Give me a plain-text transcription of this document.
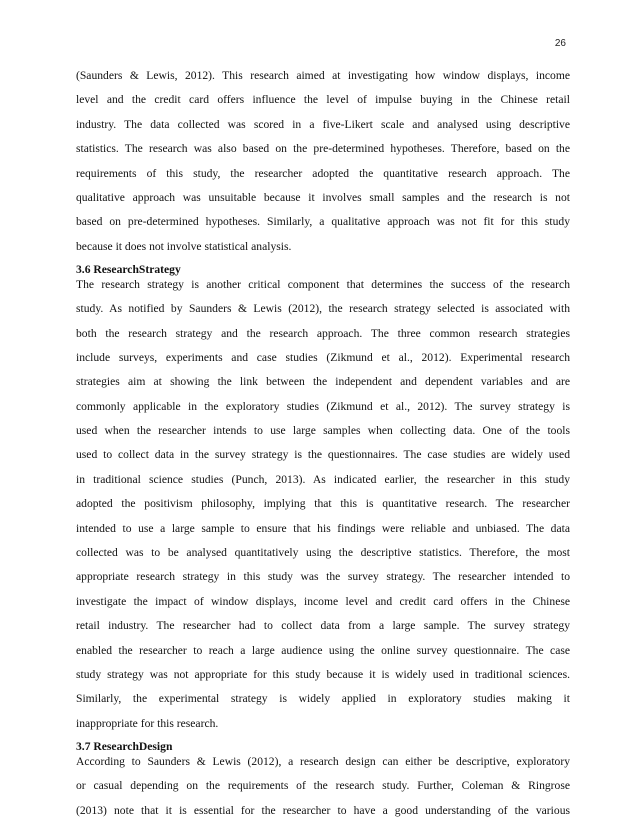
26
(Saunders & Lewis, 2012). This research aimed at investigating how window displays, income
level and the credit card offers influence the level of impulse buying in the Chinese retail
industry. The data collected was scored in a five-Likert scale and analysed using descriptive
statistics. The research was also based on the pre-determined hypotheses. Therefore, based on the
requirements of this study, the researcher adopted the quantitative research approach. The
qualitative approach was unsuitable because it involves small samples and the research is not
based on pre-determined hypotheses. Similarly, a qualitative approach was not fit for this study
because it does not involve statistical analysis.
3.6 ResearchStrategy
The research strategy is another critical component that determines the success of the research
study. As notified by Saunders & Lewis (2012), the research strategy selected is associated with
both the research strategy and the research approach. The three common research strategies
include surveys, experiments and case studies (Zikmund et al., 2012). Experimental research
strategies aim at showing the link between the independent and dependent variables and are
commonly applicable in the exploratory studies (Zikmund et al., 2012). The survey strategy is
used when the researcher intends to use large samples when collecting data. One of the tools
used to collect data in the survey strategy is the questionnaires. The case studies are widely used
in traditional science studies (Punch, 2013). As indicated earlier, the researcher in this study
adopted the positivism philosophy, implying that this is quantitative research. The researcher
intended to use a large sample to ensure that his findings were reliable and unbiased. The data
collected was to be analysed quantitatively using the descriptive statistics. Therefore, the most
appropriate research strategy in this study was the survey strategy. The researcher intended to
investigate the impact of window displays, income level and credit card offers in the Chinese
retail industry. The researcher had to collect data from a large sample. The survey strategy
enabled the researcher to reach a large audience using the online survey questionnaire. The case
study strategy was not appropriate for this study because it is widely used in traditional sciences.
Similarly, the experimental strategy is widely applied in exploratory studies making it
inappropriate for this research.
3.7 ResearchDesign
According to Saunders & Lewis (2012), a research design can either be descriptive, exploratory
or casual depending on the requirements of the research study. Further, Coleman & Ringrose
(2013) note that it is essential for the researcher to have a good understanding of the various
